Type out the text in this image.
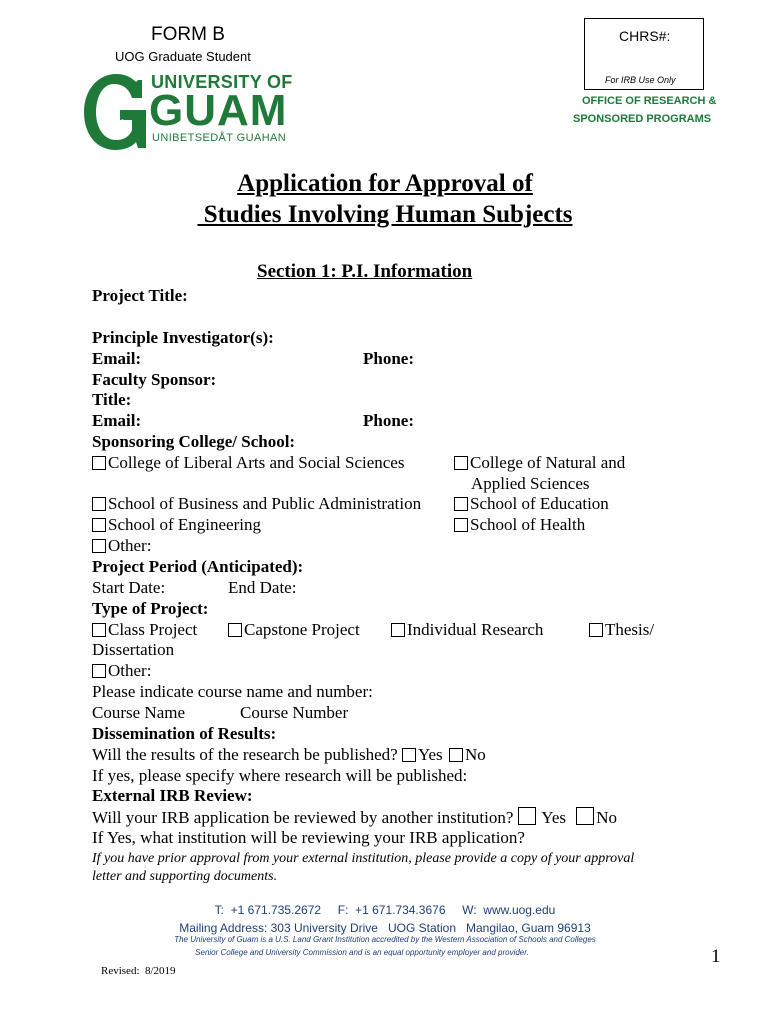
FORM B
UOG Graduate Student
UNIVERSITY OF
GUAM
UNIBETSEDÅT GUAHAN
CHRS#:
For IRB Use Only
OFFICE OF RESEARCH &
SPONSORED PROGRAMS
Application for Approval of
Studies Involving Human Subjects
Section 1: P.I. Information
Project Title:
Principle Investigator(s):
Email:	Phone:
Faculty Sponsor:
Title:
Email:	Phone:
Sponsoring College/ School:
College of Liberal Arts and Social Sciences	College of Natural and
Applied Sciences
School of Business and Public Administration	School of Education
School of Engineering	School of Health
Other:
Project Period (Anticipated):
Start Date:	End Date:
Type of Project:
Class Project	Capstone Project	Individual Research	Thesis/
Dissertation
Other:
Please indicate course name and number:
Course Name	Course Number
Dissemination of Results:
Will the results of the research be published? Yes No
If yes, please specify where research will be published:
External IRB Review:
Will your IRB application be reviewed by another institution? Yes No
If Yes, what institution will be reviewing your IRB application?
If you have prior approval from your external institution, please provide a copy of your approval
letter and supporting documents.
T:  +1 671.735.2672     F:  +1 671.734.3676     W:  www.uog.edu
Mailing Address: 303 University Drive   UOG Station   Mangilao, Guam 96913
The University of Guam is a U.S. Land Grant Institution accredited by the Western Association of Schools and Colleges
Senior College and University Commission and is an equal opportunity employer and provider.	1
Revised:  8/2019
